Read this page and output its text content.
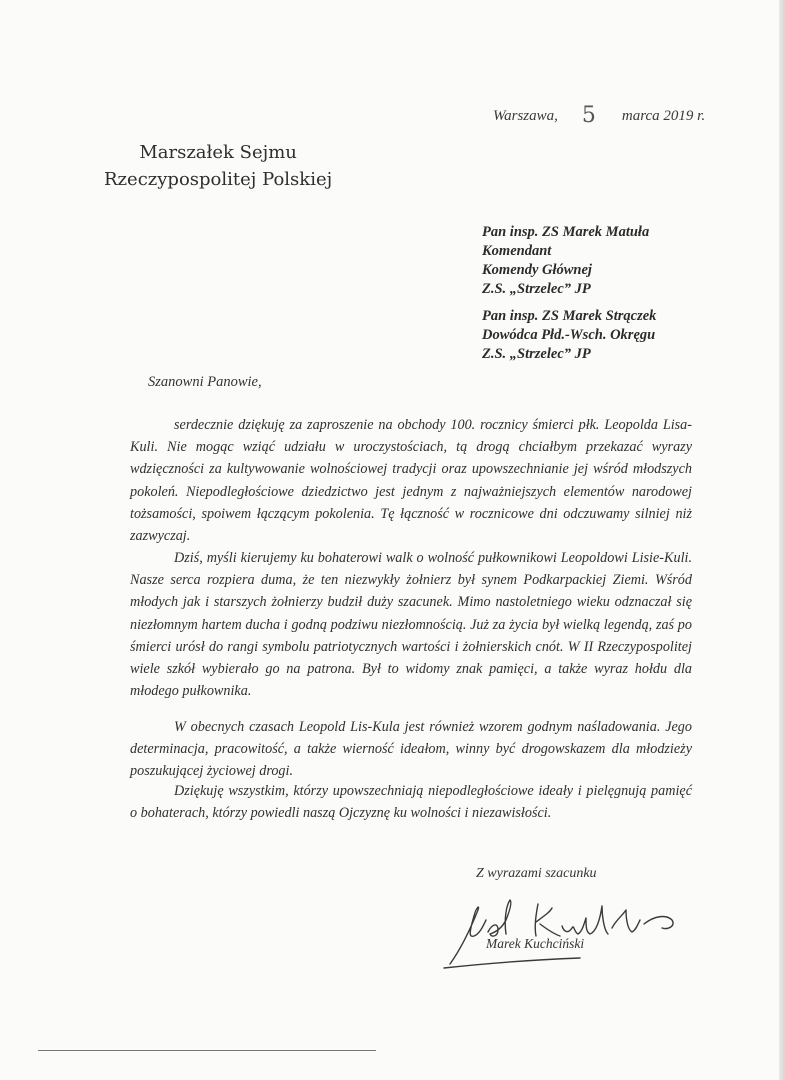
Warszawa, 5 marca 2019 r.
Marszałek Sejmu
Rzeczypospolitej Polskiej
Pan insp. ZS Marek Matuła
Komendant
Komendy Głównej
Z.S. „Strzelec” JP
Pan insp. ZS Marek Strączek
Dowódca Płd.-Wsch. Okręgu
Z.S. „Strzelec” JP
Szanowni Panowie,

serdecznie dziękuję za zaproszenie na obchody 100. rocznicy śmierci płk. Leopolda Lisa-Kuli. Nie mogąc wziąć udziału w uroczystościach, tą drogą chciałbym przekazać wyrazy wdzięczności za kultywowanie wolnościowej tradycji oraz upowszechnianie jej wśród młodszych pokoleń. Niepodległościowe dziedzictwo jest jednym z najważniejszych elementów narodowej tożsamości, spoiwem łączącym pokolenia. Tę łączność w rocznicowe dni odczuwamy silniej niż zazwyczaj.

Dziś, myśli kierujemy ku bohaterowi walk o wolność pułkownikowi Leopoldowi Lisie-Kuli. Nasze serca rozpiera duma, że ten niezwykły żołnierz był synem Podkarpackiej Ziemi. Wśród młodych jak i starszych żołnierzy budził duży szacunek. Mimo nastoletniego wieku odznaczał się niezłomnym hartem ducha i godną podziwu niezłomnością. Już za życia był wielką legendą, zaś po śmierci urósł do rangi symbolu patriotycznych wartości i żołnierskich cnót. W II Rzeczypospolitej wiele szkół wybierało go na patrona. Był to widomy znak pamięci, a także wyraz hołdu dla młodego pułkownika.

W obecnych czasach Leopold Lis-Kula jest również wzorem godnym naśladowania. Jego determinacja, pracowitość, a także wierność ideałom, winny być drogowskazem dla młodzieży poszukującej życiowej drogi.

Dziękuję wszystkim, którzy upowszechniają niepodległościowe ideały i pielęgnują pamięć o bohaterach, którzy powiedli naszą Ojczyznę ku wolności i niezawisłości.

Z wyrazami szacunku
Marek Kuchciński
